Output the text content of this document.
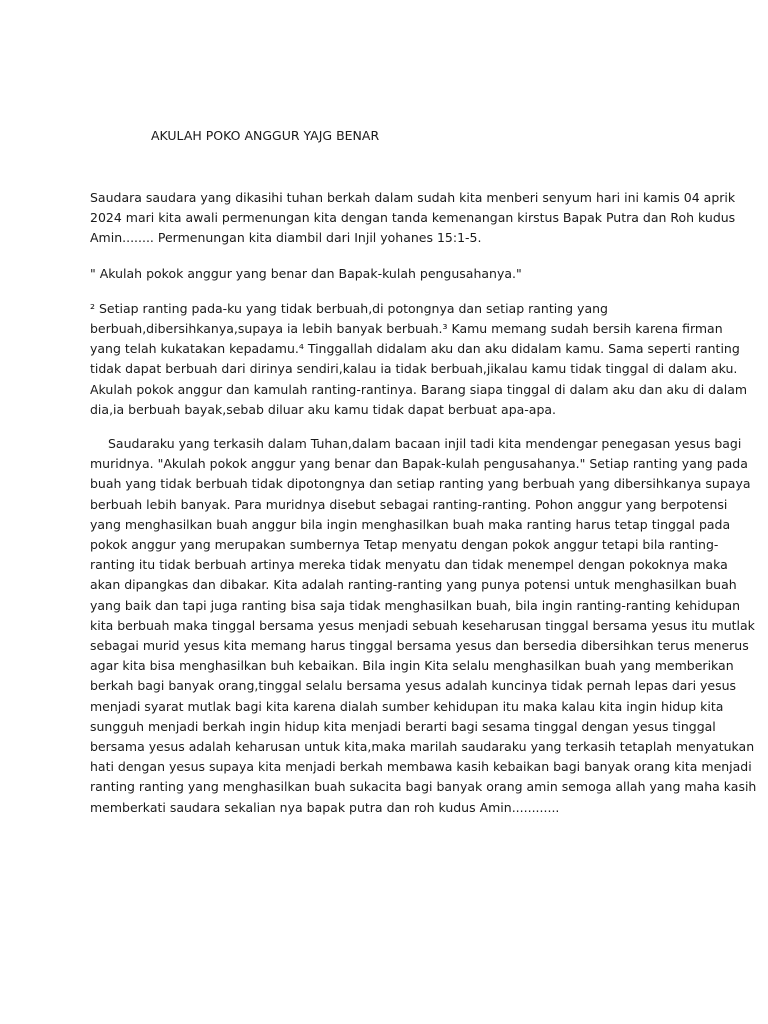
AKULAH POKO ANGGUR YAJG BENAR

Saudara saudara yang dikasihi tuhan berkah dalam sudah kita menberi senyum hari ini kamis 04 aprik
2024 mari kita awali permenungan kita dengan tanda kemenangan kirstus Bapak Putra dan Roh kudus
Amin........ Permenungan kita diambil dari Injil yohanes 15:1-5.

" Akulah pokok anggur yang benar dan Bapak-kulah pengusahanya."

² Setiap ranting pada-ku yang tidak berbuah,di potongnya dan setiap ranting yang
berbuah,dibersihkanya,supaya ia lebih banyak berbuah.³ Kamu memang sudah bersih karena firman
yang telah kukatakan kepadamu.⁴ Tinggallah didalam aku dan aku didalam kamu. Sama seperti ranting
tidak dapat berbuah dari dirinya sendiri,kalau ia tidak berbuah,jikalau kamu tidak tinggal di dalam aku.
Akulah pokok anggur dan kamulah ranting-rantinya. Barang siapa tinggal di dalam aku dan aku di dalam
dia,ia berbuah bayak,sebab diluar aku kamu tidak dapat berbuat apa-apa.

Saudaraku yang terkasih dalam Tuhan,dalam bacaan injil tadi kita mendengar penegasan yesus bagi
muridnya. "Akulah pokok anggur yang benar dan Bapak-kulah pengusahanya." Setiap ranting yang pada
buah yang tidak berbuah tidak dipotongnya dan setiap ranting yang berbuah yang dibersihkanya supaya
berbuah lebih banyak. Para muridnya disebut sebagai ranting-ranting. Pohon anggur yang berpotensi
yang menghasilkan buah anggur bila ingin menghasilkan buah maka ranting harus tetap tinggal pada
pokok anggur yang merupakan sumbernya Tetap menyatu dengan pokok anggur tetapi bila ranting-
ranting itu tidak berbuah artinya mereka tidak menyatu dan tidak menempel dengan pokoknya maka
akan dipangkas dan dibakar. Kita adalah ranting-ranting yang punya potensi untuk menghasilkan buah
yang baik dan tapi juga ranting bisa saja tidak menghasilkan buah, bila ingin ranting-ranting kehidupan
kita berbuah maka tinggal bersama yesus menjadi sebuah keseharusan tinggal bersama yesus itu mutlak
sebagai murid yesus kita memang harus tinggal bersama yesus dan bersedia dibersihkan terus menerus
agar kita bisa menghasilkan buh kebaikan. Bila ingin Kita selalu menghasilkan buah yang memberikan
berkah bagi banyak orang,tinggal selalu bersama yesus adalah kuncinya tidak pernah lepas dari yesus
menjadi syarat mutlak bagi kita karena dialah sumber kehidupan itu maka kalau kita ingin hidup kita
sungguh menjadi berkah ingin hidup kita menjadi berarti bagi sesama tinggal dengan yesus tinggal
bersama yesus adalah keharusan untuk kita,maka marilah saudaraku yang terkasih tetaplah menyatukan
hati dengan yesus supaya kita menjadi berkah membawa kasih kebaikan bagi banyak orang kita menjadi
ranting ranting yang menghasilkan buah sukacita bagi banyak orang amin semoga allah yang maha kasih
memberkati saudara sekalian nya bapak putra dan roh kudus Amin............
